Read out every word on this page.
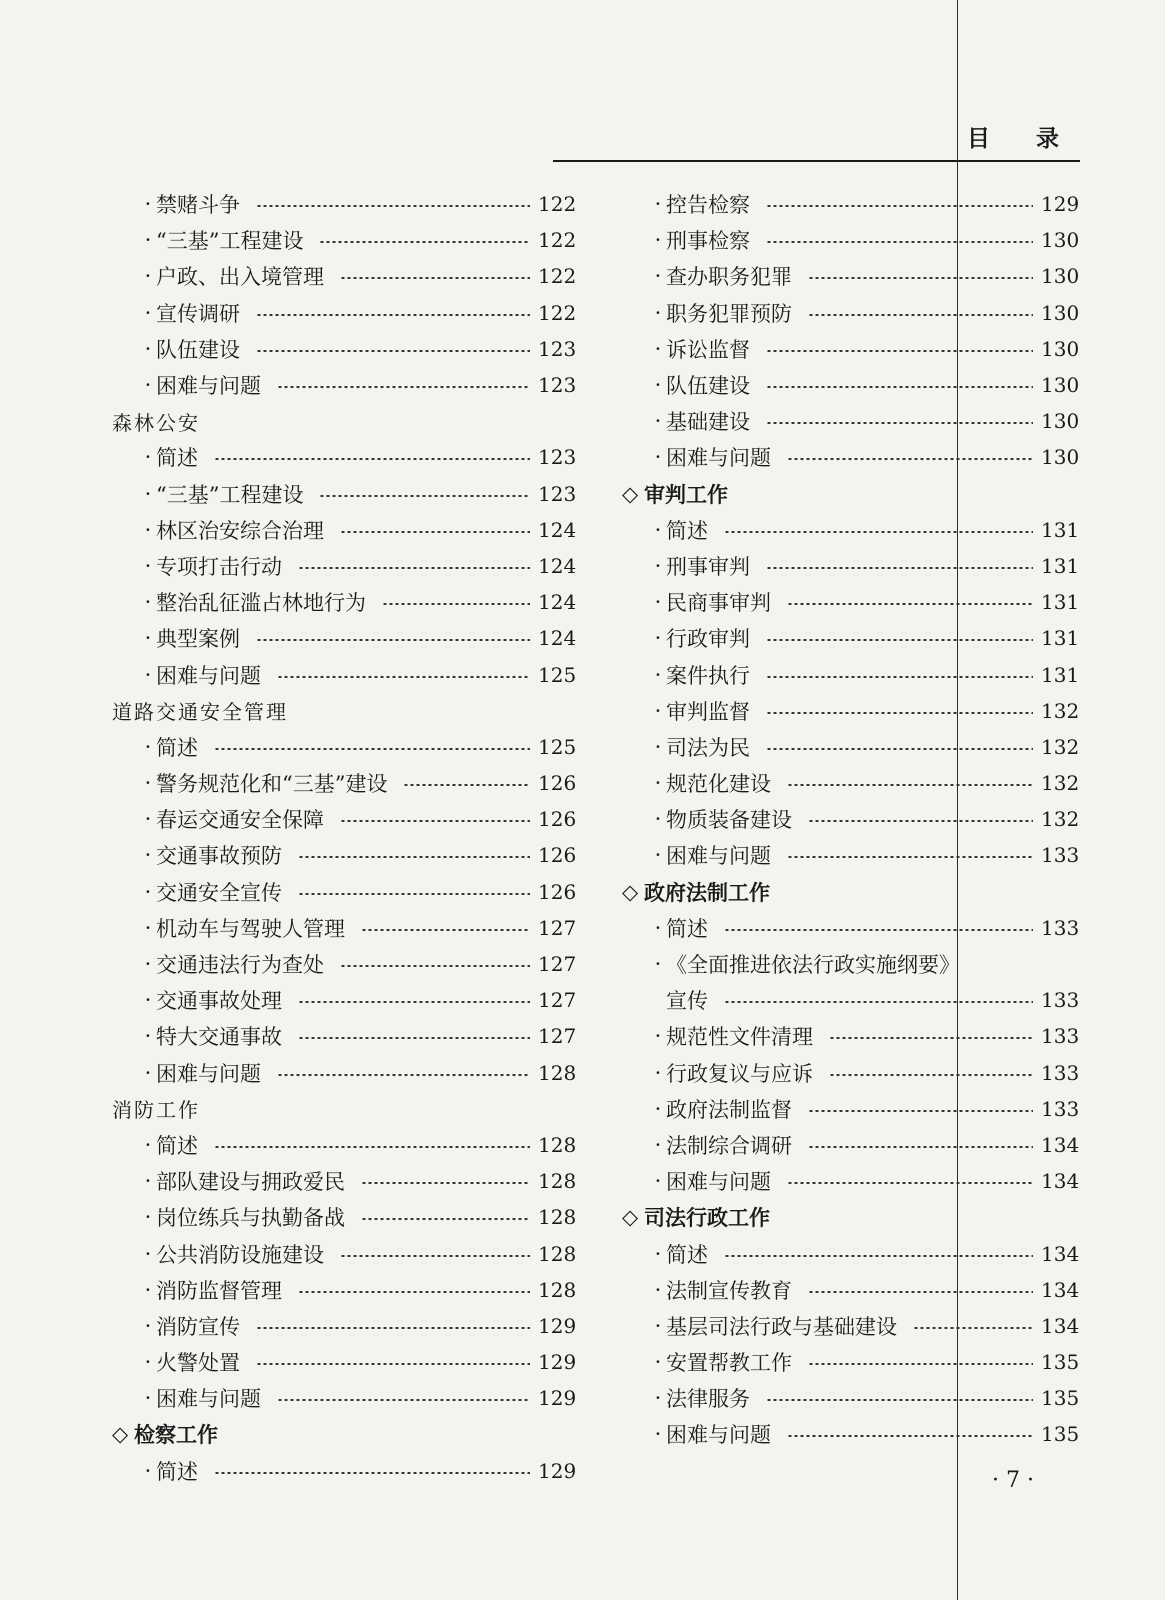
目 录
· 禁赌斗争	122
· “三基”工程建设	122
· 户政、出入境管理	122
· 宣传调研	122
· 队伍建设	123
· 困难与问题	123
森林公安
· 简述	123
· “三基”工程建设	123
· 林区治安综合治理	124
· 专项打击行动	124
· 整治乱征滥占林地行为	124
· 典型案例	124
· 困难与问题	125
道路交通安全管理
· 简述	125
· 警务规范化和“三基”建设	126
· 春运交通安全保障	126
· 交通事故预防	126
· 交通安全宣传	126
· 机动车与驾驶人管理	127
· 交通违法行为查处	127
· 交通事故处理	127
· 特大交通事故	127
· 困难与问题	128
消防工作
· 简述	128
· 部队建设与拥政爱民	128
· 岗位练兵与执勤备战	128
· 公共消防设施建设	128
· 消防监督管理	128
· 消防宣传	129
· 火警处置	129
· 困难与问题	129
◇ 检察工作
· 简述	129
· 控告检察	129
· 刑事检察	130
· 查办职务犯罪	130
· 职务犯罪预防	130
· 诉讼监督	130
· 队伍建设	130
· 基础建设	130
· 困难与问题	130
◇ 审判工作
· 简述	131
· 刑事审判	131
· 民商事审判	131
· 行政审判	131
· 案件执行	131
· 审判监督	132
· 司法为民	132
· 规范化建设	132
· 物质装备建设	132
· 困难与问题	133
◇ 政府法制工作
· 简述	133
· 《全面推进依法行政实施纲要》
宣传	133
· 规范性文件清理	133
· 行政复议与应诉	133
· 政府法制监督	133
· 法制综合调研	134
· 困难与问题	134
◇ 司法行政工作
· 简述	134
· 法制宣传教育	134
· 基层司法行政与基础建设	134
· 安置帮教工作	135
· 法律服务	135
· 困难与问题	135
· 7 ·
